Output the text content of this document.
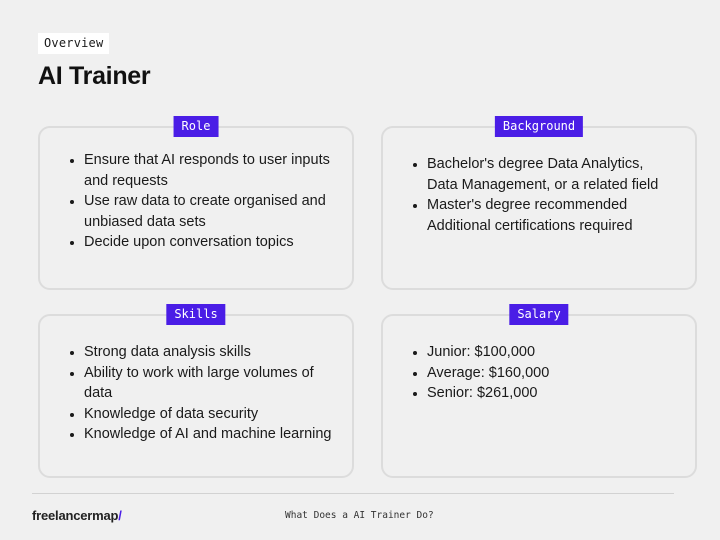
Overview
AI Trainer
Role
Ensure that AI responds to user inputs and requests
Use raw data to create organised and unbiased data sets
Decide upon conversation topics
Background
Bachelor's degree Data Analytics, Data Management, or a related field
Master's degree recommended Additional certifications required
Skills
Strong data analysis skills
Ability to work with large volumes of data
Knowledge of data security
Knowledge of AI and machine learning
Salary
Junior: $100,000
Average: $160,000
Senior: $261,000
freelancermap/	What Does a AI Trainer Do?
